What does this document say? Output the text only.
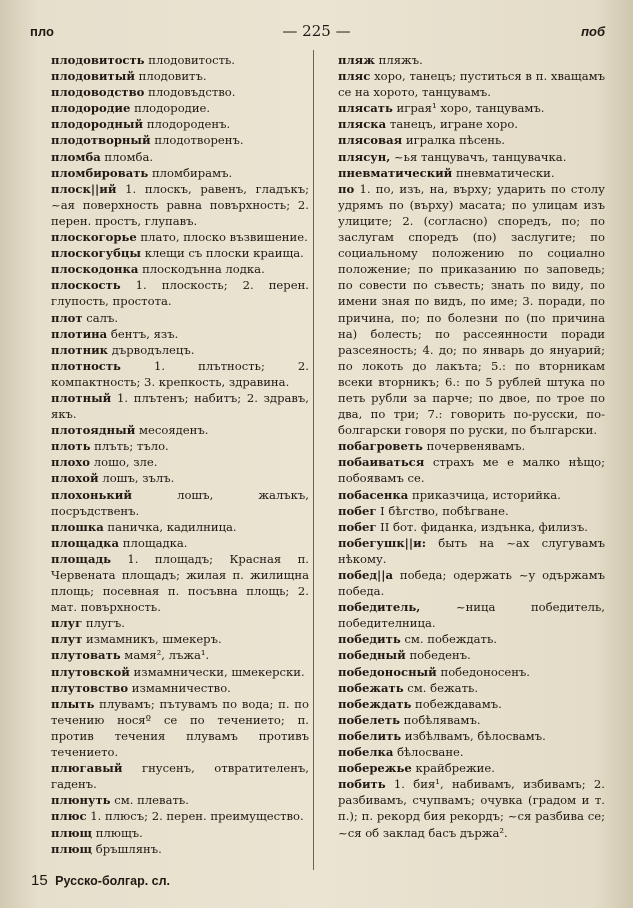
— 225 —
пло	поб

плодовитость плодовитость.

плодовитый плодовитъ.

плодоводство плодовъдство.

плодородие плодородие.

плодородный плодороденъ.

плодотворный плодотворенъ.

пломба пломба.

пломбировать пломбирамъ.

плоск||ий 1. плоскъ, равенъ, гладъкъ; ~ая поверхность равна повърхность; 2. перен. простъ, глупавъ.

плоскогорье плато, плоско възвишение.

плоскогубцы клещи съ плоски краища.

плоскодонка плоскодънна лодка.

плоскость 1. плоскость; 2. перен. глупость, простота.

плот салъ.

плотина бентъ, язъ.

плотник дърводълецъ.

плотность 1. плътность; 2. компактность; 3. крепкость, здравина.

плотный 1. плътенъ; набитъ; 2. здравъ, якъ.

плотоядный месояденъ.

плоть плъть; тъло.

плохо лошо, зле.

плохой лошъ, зълъ.

плохонький лошъ, жалъкъ, посръдственъ.

плошка паничка, кадилница.

площадка площадка.

площадь 1. площадъ; Красная п. Червената площадъ; жилая п. жилищна площь; посевная п. посъвна площь; 2. мат. повърхность.

плуг плугъ.

плут измамникъ, шмекеръ.

плутовать мамя², лъжа¹.

плутовской измамнически, шмекерски.

плутовство измамничество.

плыть плувамъ; пътувамъ по вода; п. по течению носяº се по течението; п. против течения плувамъ противъ течението.

плюгавый гнусенъ, отвратителенъ, гаденъ.

плюнуть см. плевать.

плюс 1. плюсъ; 2. перен. преимущество.

плющ плющъ.

плющ бръшлянъ.

пляж пляжъ.

пляс хоро, танецъ; пуститься в п. хващамъ се на хорото, танцувамъ.

плясать играя¹ хоро, танцувамъ.

пляска танецъ, игране хоро.

плясовая игралка пѣсень.

плясун, ~ья танцувачъ, танцувачка.

пневматический пневматически.

по 1. по, изъ, на, върху; ударить по столу удрямъ по (върху) масата; по улицам изъ улиците; 2. (согласно) споредъ, по; по заслугам споредъ (по) заслугите; по социальному положению по социално положение; по приказанию по заповедь; по совести по съвесть; знать по виду, по имени зная по видъ, по име; 3. поради, по причина, по; по болезни по (по причина на) болесть; по рассеянности поради разсеяность; 4. до; по январь до януарий; по локоть до лакъта; 5.: по вторникам всеки вторникъ; 6.: по 5 рублей штука по петь рубли за парче; по двое, по трое по два, по три; 7.: говорить по-русски, по-болгарски говоря по руски, по български.

побагроветь почервенявамъ.

побаиваться страхъ ме е малко нѣщо; побоявамъ се.

побасенка приказчица, историйка.

побег I бѣгство, побѣгване.

побег II бот. фиданка, издънка, филизъ.

побегушк||и: быть на ~ах слугувамъ нѣкому.

побед||а победа; одержать ~у одържамъ победа.

победитель, ~ница победитель, победителница.

победить см. побеждать.

победный победенъ.

победоносный победоносенъ.

побежать см. бежать.

побеждать побеждавамъ.

побелеть побѣлявамъ.

побелить избѣлвамъ, бѣлосвамъ.

побелка бѣлосване.

побережье крайбрежие.

побить 1. бия¹, набивамъ, избивамъ; 2. разбивамъ, счупвамъ; очувка (градом и т. п.); п. рекорд бия рекордъ; ~ся разбива се; ~ся об заклад басъ държа².

15 Русско-болгар. сл.
